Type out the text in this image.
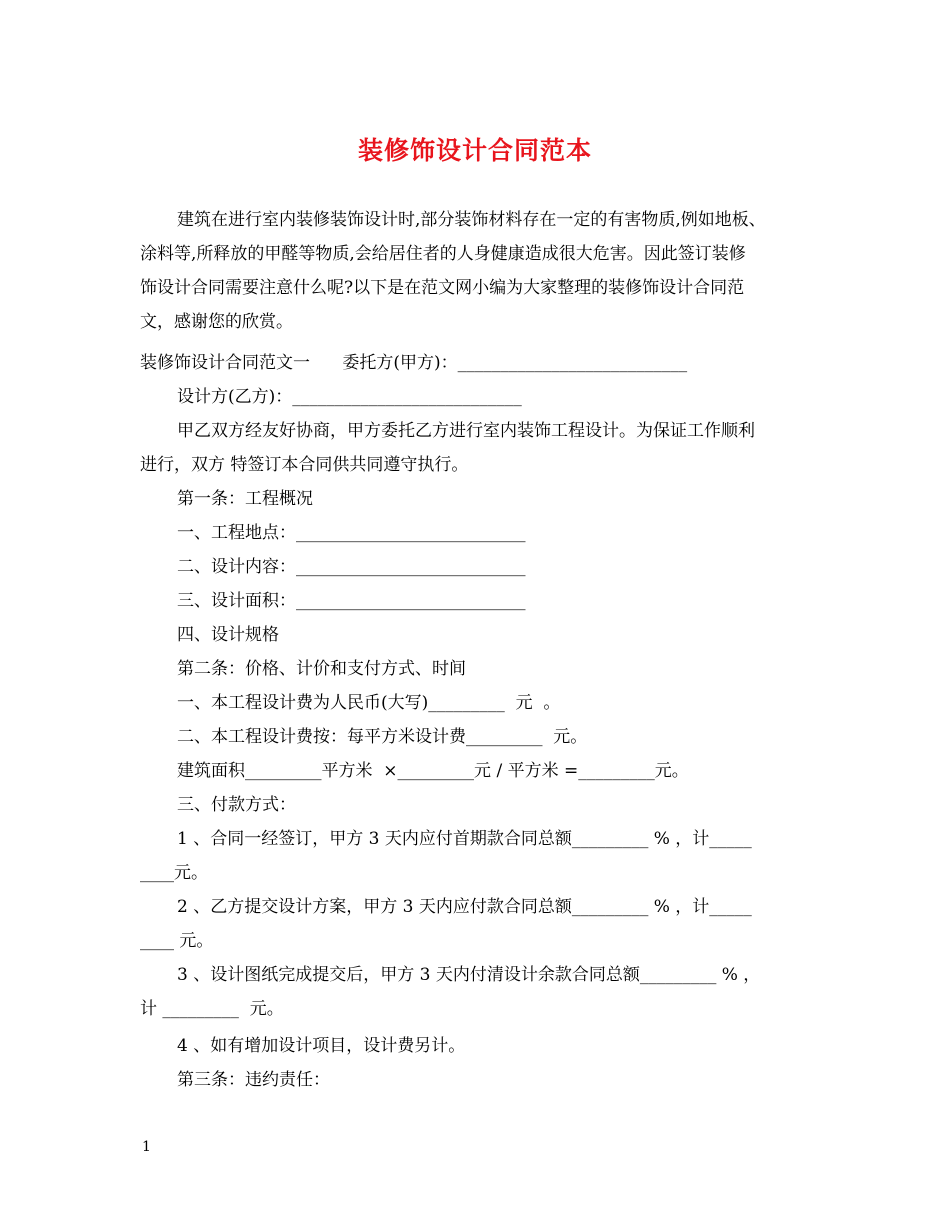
装修饰设计合同范本
建筑在进行室内装修装饰设计时,部分装饰材料存在一定的有害物质,例如地板、
涂料等,所释放的甲醛等物质,会给居住者的人身健康造成很大危害。因此签订装修
饰设计合同需要注意什么呢?以下是在范文网小编为大家整理的装修饰设计合同范
文，感谢您的欣赏。
装修饰设计合同范文一      委托方(甲方)：___________________________
设计方(乙方)：___________________________
甲乙双方经友好协商，甲方委托乙方进行室内装饰工程设计。为保证工作顺利
进行，双方 特签订本合同供共同遵守执行。
第一条：工程概况
一、工程地点：___________________________
二、设计内容：___________________________
三、设计面积：___________________________
四、设计规格
第二条：价格、计价和支付方式、时间
一、本工程设计费为人民币(大写)_________  元  。
二、本工程设计费按：每平方米设计费_________  元。
建筑面积_________平方米  ×_________元 / 平方米 =_________元。
三、付款方式：
1 、合同一经签订，甲方 3 天内应付首期款合同总额_________ % ，计_____
____元。
2 、乙方提交设计方案，甲方 3 天内应付款合同总额_________ % ，计_____
____ 元。
3 、设计图纸完成提交后，甲方 3 天内付清设计余款合同总额_________ % ，
计 _________  元。
4 、如有增加设计项目，设计费另计。
第三条：违约责任：
1
